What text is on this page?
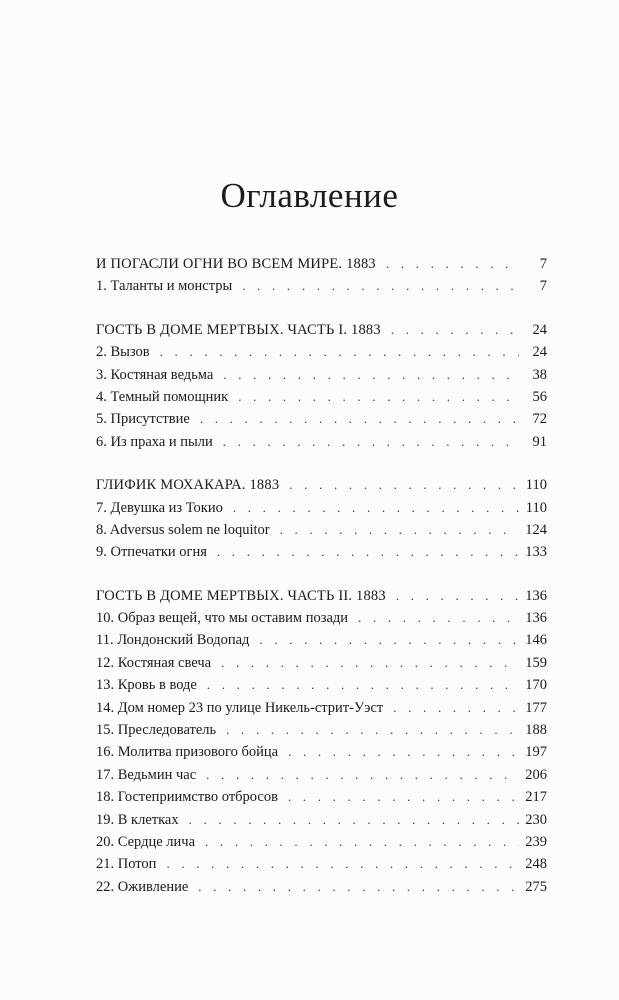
Оглавление
И ПОГАСЛИ ОГНИ ВО ВСЕМ МИРЕ. 1883 . . .	7
1. Таланты и монстры . . .	7
ГОСТЬ В ДОМЕ МЕРТВЫХ. ЧАСТЬ I. 1883 . . .	24
2. Вызов . . .	24
3. Костяная ведьма . . .	38
4. Темный помощник . . .	56
5. Присутствие . . .	72
6. Из праха и пыли . . .	91
ГЛИФИК МОХАКАРА. 1883 . . .	110
7. Девушка из Токио . . .	110
8. Adversus solem ne loquitor . . .	124
9. Отпечатки огня . . .	133
ГОСТЬ В ДОМЕ МЕРТВЫХ. ЧАСТЬ II. 1883 . . .	136
10. Образ вещей, что мы оставим позади . . .	136
11. Лондонский Водопад . . .	146
12. Костяная свеча . . .	159
13. Кровь в воде . . .	170
14. Дом номер 23 по улице Никель-стрит-Уэст . . .	177
15. Преследователь . . .	188
16. Молитва призового бойца . . .	197
17. Ведьмин час . . .	206
18. Гостеприимство отбросов . . .	217
19. В клетках . . .	230
20. Сердце лича . . .	239
21. Потоп . . .	248
22. Оживление . . .	275
